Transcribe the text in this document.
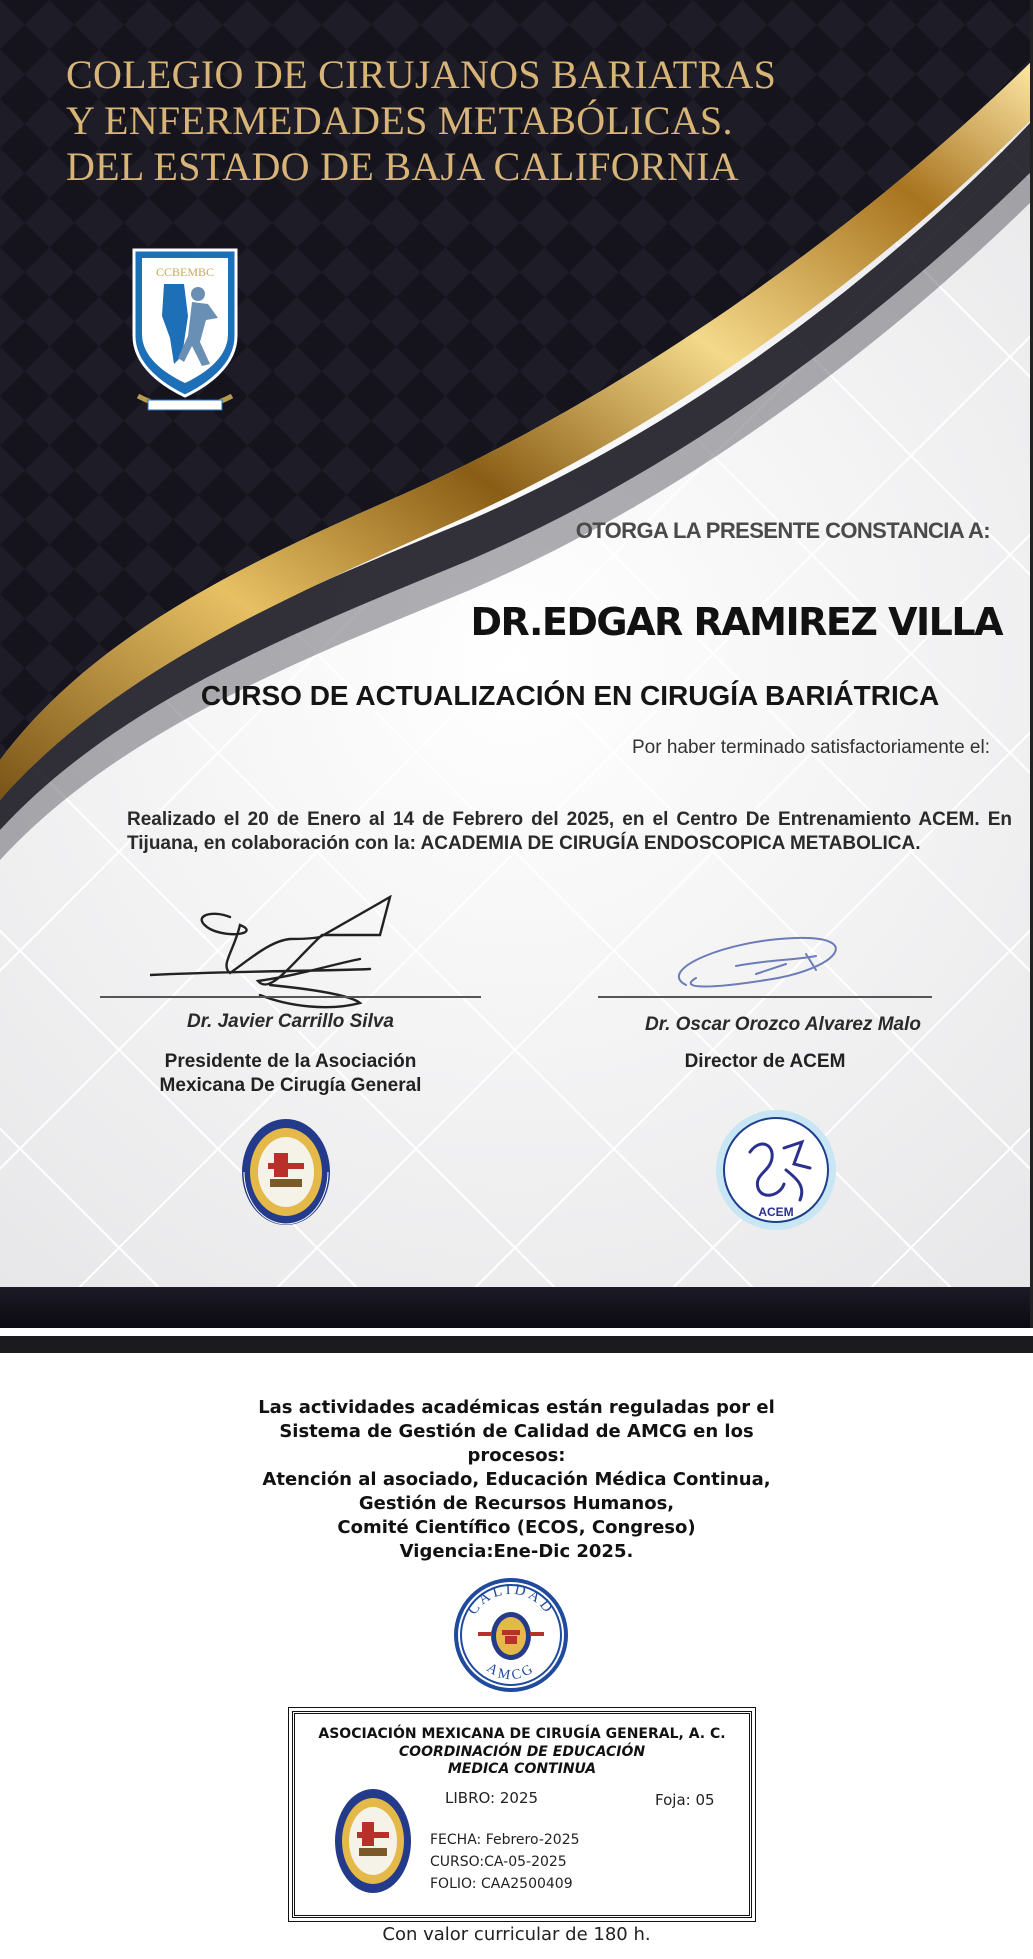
COLEGIO DE CIRUJANOS BARIATRAS
Y ENFERMEDADES METABÓLICAS.
DEL ESTADO DE BAJA CALIFORNIA
CCBEMBC
OTORGA LA PRESENTE CONSTANCIA A:
DR.EDGAR RAMIREZ VILLA
CURSO DE ACTUALIZACIÓN EN CIRUGÍA BARIÁTRICA
Por haber terminado satisfactoriamente el:
Realizado el 20 de Enero al 14 de Febrero del 2025, en el Centro De Entrenamiento ACEM. En Tijuana, en colaboración con la: ACADEMIA DE CIRUGÍA ENDOSCOPICA METABOLICA.
Dr. Javier Carrillo Silva
Presidente de la Asociación
Mexicana De Cirugía General
Dr. Oscar Orozco Alvarez Malo
Director de ACEM
ACEM
Las actividades académicas están reguladas por el
Sistema de Gestión de Calidad de AMCG en los
procesos:
Atención al asociado, Educación Médica Continua,
Gestión de Recursos Humanos,
Comité Científico (ECOS, Congreso)
Vigencia:Ene-Dic 2025.
CALIDAD
AMCG
ASOCIACIÓN MEXICANA DE CIRUGÍA GENERAL, A. C.
COORDINACIÓN DE EDUCACIÓN
MEDICA CONTINUA
LIBRO: 2025	Foja: 05
FECHA: Febrero-2025
CURSO:CA-05-2025
FOLIO: CAA2500409
Con valor curricular de 180 h.
